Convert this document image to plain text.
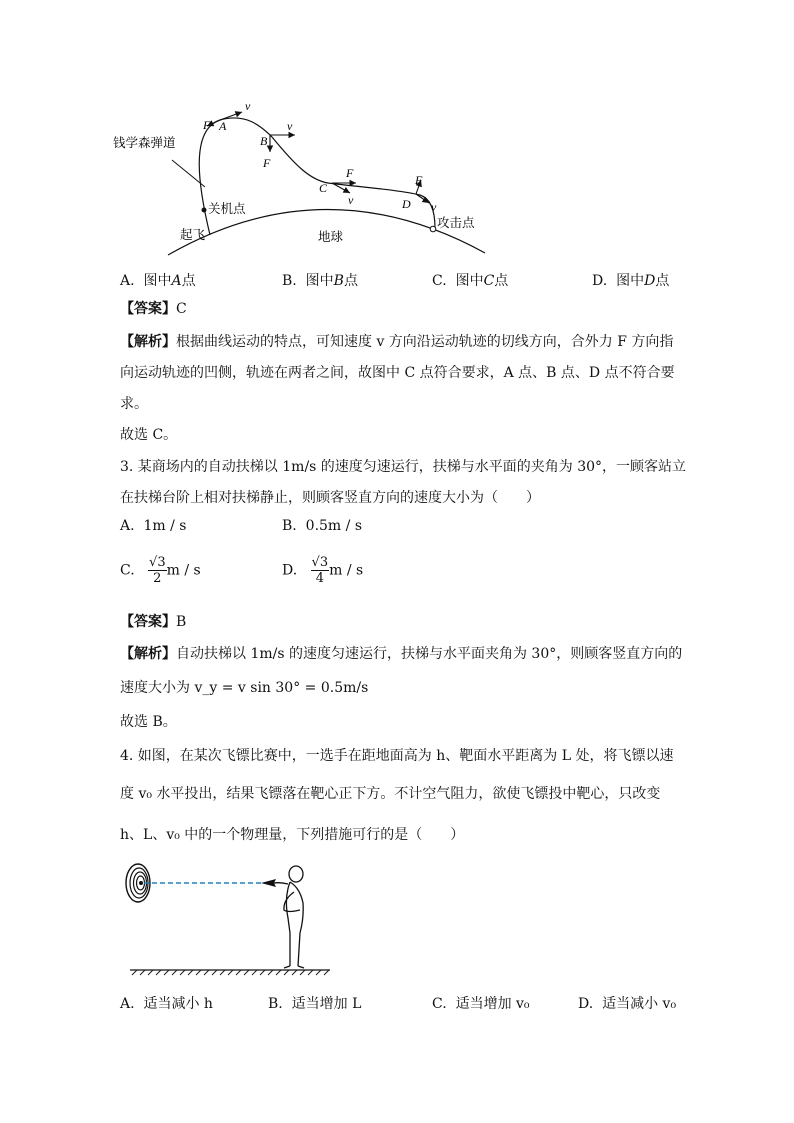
v
F A
B
v
F
C
F
v	D
F
v
钱学森弹道
关机点
起飞	地球
攻击点
A. 图中A点	B. 图中B点	C. 图中C点	D. 图中D点
【答案】C
【解析】根据曲线运动的特点，可知速度 v 方向沿运动轨迹的切线方向，合外力 F 方向指
向运动轨迹的凹侧，轨迹在两者之间，故图中 C 点符合要求，A 点、B 点、D 点不符合要
求。
故选 C。
3. 某商场内的自动扶梯以 1m/s 的速度匀速运行，扶梯与水平面的夹角为 30°，一顾客站立
在扶梯台阶上相对扶梯静止，则顾客竖直方向的速度大小为（　　）
A. 1m / s	B. 0.5m / s
C. $\frac{√3}{2}$ m / s	D. $\frac{√3}{4}$ m / s
【答案】B
【解析】自动扶梯以 1m/s 的速度匀速运行，扶梯与水平面夹角为 30°，则顾客竖直方向的
速度大小为 v_y = v sin 30° = 0.5m/s
故选 B。
4. 如图，在某次飞镖比赛中，一选手在距地面高为 h、靶面水平距离为 L 处，将飞镖以速
度 v₀ 水平投出，结果飞镖落在靶心正下方。不计空气阻力，欲使飞镖投中靶心，只改变
h、L、v₀ 中的一个物理量，下列措施可行的是（　　）
A. 适当减小 h	B. 适当增加 L	C. 适当增加 v₀	D. 适当减小 v₀
